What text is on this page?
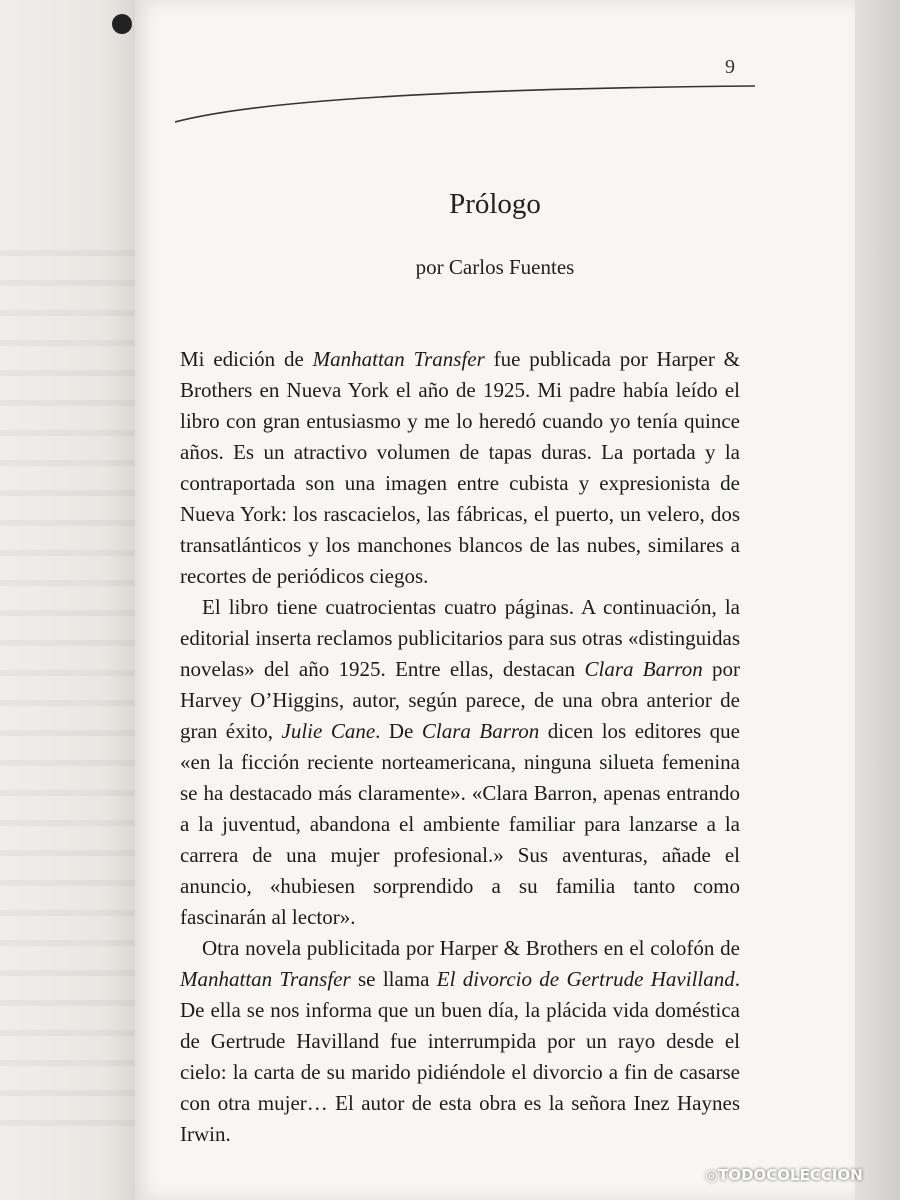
9
Prólogo
por Carlos Fuentes

Mi edición de Manhattan Transfer fue publicada por Harper & Brothers en Nueva York el año de 1925. Mi padre había leído el libro con gran entusiasmo y me lo heredó cuando yo tenía quince años. Es un atractivo volumen de tapas duras. La portada y la contraportada son una imagen entre cubista y expresionista de Nueva York: los rascacielos, las fábricas, el puerto, un velero, dos transatlánticos y los manchones blancos de las nubes, similares a recortes de periódicos ciegos.

El libro tiene cuatrocientas cuatro páginas. A continuación, la editorial inserta reclamos publicitarios para sus otras «distinguidas novelas» del año 1925. Entre ellas, destacan Clara Barron por Harvey O’Higgins, autor, según parece, de una obra anterior de gran éxito, Julie Cane. De Clara Barron dicen los editores que «en la ficción reciente norteamericana, ninguna silueta femenina se ha destacado más claramente». «Clara Barron, apenas entrando a la juventud, abandona el ambiente familiar para lanzarse a la carrera de una mujer profesional.» Sus aventuras, añade el anuncio, «hubiesen sorprendido a su familia tanto como fascinarán al lector».

Otra novela publicitada por Harper & Brothers en el colofón de Manhattan Transfer se llama El divorcio de Gertrude Havilland. De ella se nos informa que un buen día, la plácida vida doméstica de Gertrude Havilland fue interrumpida por un rayo desde el cielo: la carta de su marido pidiéndole el divorcio a fin de casarse con otra mujer… El autor de esta obra es la señora Inez Haynes Irwin.

◎TODOCOLECCION
